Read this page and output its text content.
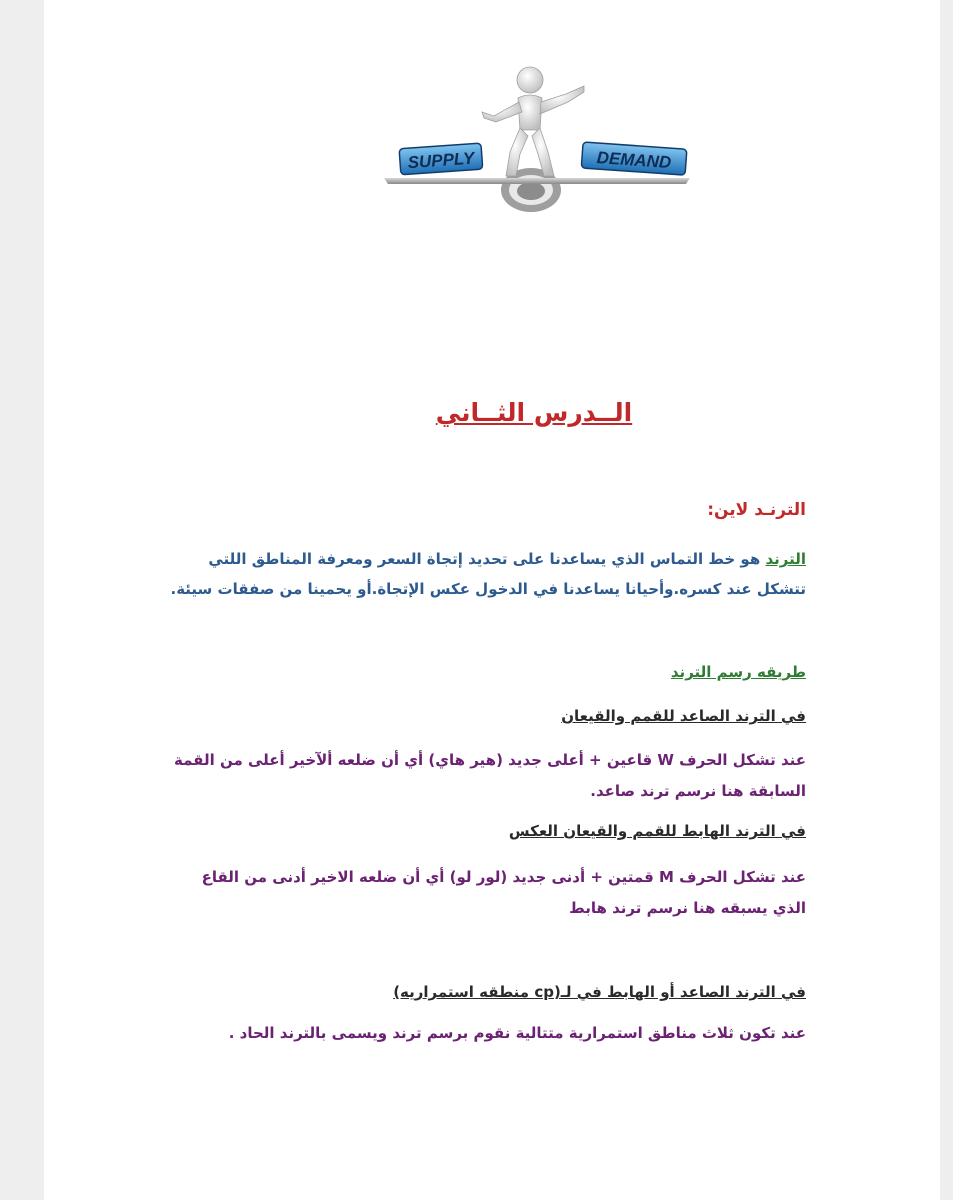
SUPPLY	DEMAND
الــدرس الثــاني
الترنـد لاين:
الترند هو خط التماس الذي يساعدنا على تحديد إتجاة السعر ومعرفة المناطق اللتي تتشكل عند كسره.وأحيانا يساعدنا في الدخول عكس الإتجاة.أو يحمينا من صفقات سيئة.
طريقه رسم الترند
في الترند الصاعد للقمم والقيعان
عند تشكل الحرف W قاعين + أعلى جديد (هير هاي) أي أن ضلعه ألآخير أعلى من القمة السابقة هنا نرسم ترند صاعد.
في الترند الهابط للقمم والقيعان العكس
عند تشكل الحرف M قمتين + أدنى جديد (لور لو) أي أن ضلعه الاخير أدنى من القاع الذي يسبقه هنا نرسم ترند هابط
في الترند الصاعد أو الهابط في لـ(cp منطقه استمراريه)
عند تكون ثلاث مناطق استمرارية متتالية نقوم برسم ترند ويسمى بالترند الحاد .
